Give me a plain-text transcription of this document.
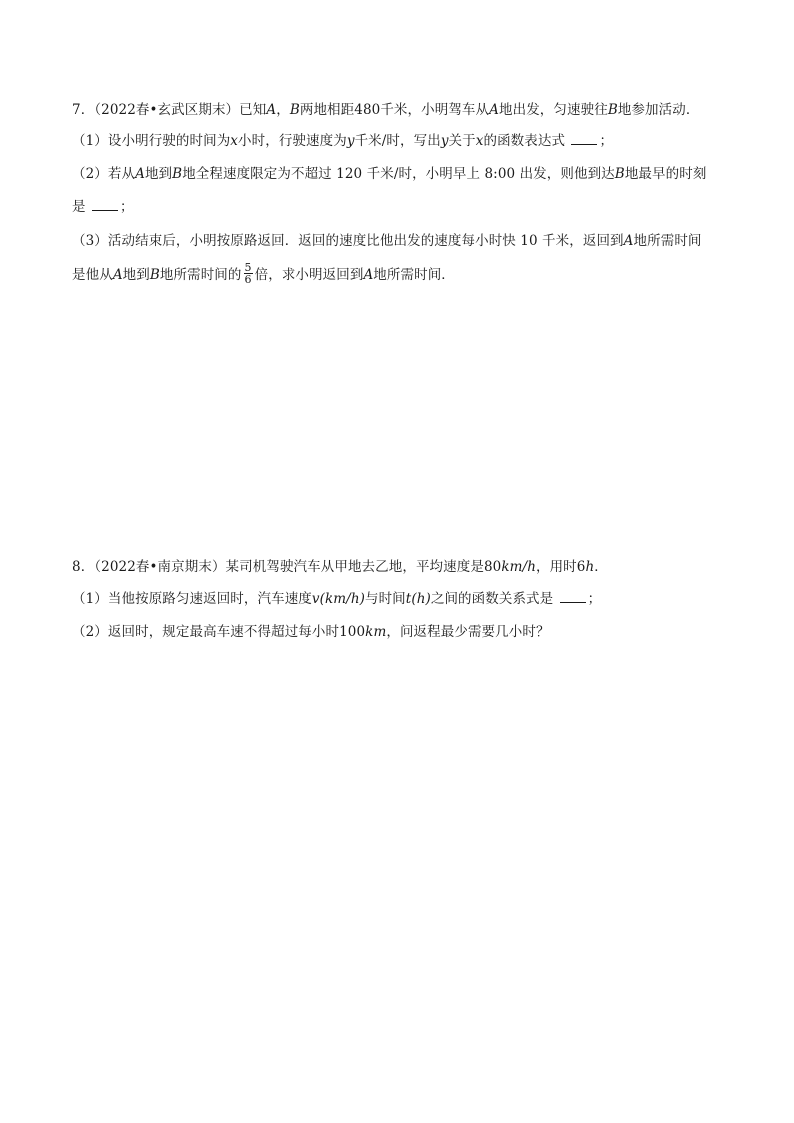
7．（2022春•玄武区期末）已知A，B两地相距480千米，小明驾车从A地出发，匀速驶往B地参加活动．
（1）设小明行驶的时间为x小时，行驶速度为y千米/时，写出y关于x的函数表达式	；
（2）若从A地到B地全程速度限定为不超过 120 千米/时，小明早上 8:00 出发，则他到达B地最早的时刻
是	；
（3）活动结束后，小明按原路返回．返回的速度比他出发的速度每小时快 10 千米，返回到A地所需时间
是他从A地到B地所需时间的 $\frac{5}{6}$ 倍，求小明返回到A地所需时间．
8．（2022春•南京期末）某司机驾驶汽车从甲地去乙地，平均速度是80km/h，用时6h．
（1）当他按原路匀速返回时，汽车速度v(km/h)与时间t(h)之间的函数关系式是	；
（2）返回时，规定最高车速不得超过每小时100km，问返程最少需要几小时？
